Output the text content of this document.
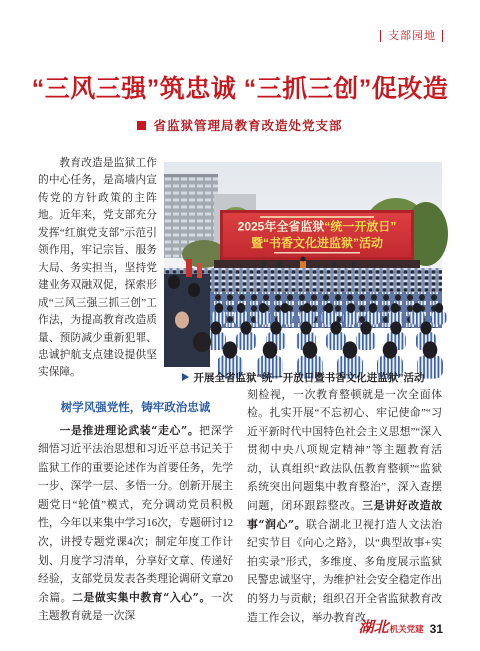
支部园地
“三风三强”筑忠诚 “三抓三创”促改造
省监狱管理局教育改造处党支部

教育改造是监狱工作的中心任务，是高墙内宣传党的方针政策的主阵地。近年来，党支部充分发挥“红旗党支部”示范引领作用，牢记宗旨、服务大局、务实担当，坚持党建业务双融双促，探索形成“三风三强三抓三创”工作法，为提高教育改造质量、预防减少重新犯罪、忠诚护航支点建设提供坚实保障。

2025年全省监狱“统一开放日”
暨“书香文化进监狱”活动
开展全省监狱“统一开放日暨书香文化进监狱”活动
树学风强党性，铸牢政治忠诚

一是推进理论武装“走心”。把深学细悟习近平法治思想和习近平总书记关于监狱工作的重要论述作为首要任务，先学一步、深学一层、多悟一分。创新开展主题党日“轮值”模式，充分调动党员积极性，今年以来集中学习16次，专题研讨12次，讲授专题党课4次；制定年度工作计划、月度学习清单，分享好文章、传递好经验，支部党员发表各类理论调研文章20余篇。二是做实集中教育“入心”。一次主题教育就是一次深

刻检视，一次教育整顿就是一次全面体检。扎实开展“不忘初心、牢记使命”“习近平新时代中国特色社会主义思想”“深入贯彻中央八项规定精神”等主题教育活动，认真组织“政法队伍教育整顿”“监狱系统突出问题集中教育整治”，深入查摆问题，闭环跟踪整改。三是讲好改造故事“润心”。联合湖北卫视打造人文法治纪实节目《向心之路》，以“典型故事+实拍实录”形式，多维度、多角度展示监狱民警忠诚坚守，为维护社会安全稳定作出的努力与贡献；组织召开全省监狱教育改造工作会议，举办教育改

湖北 机关党建 31
